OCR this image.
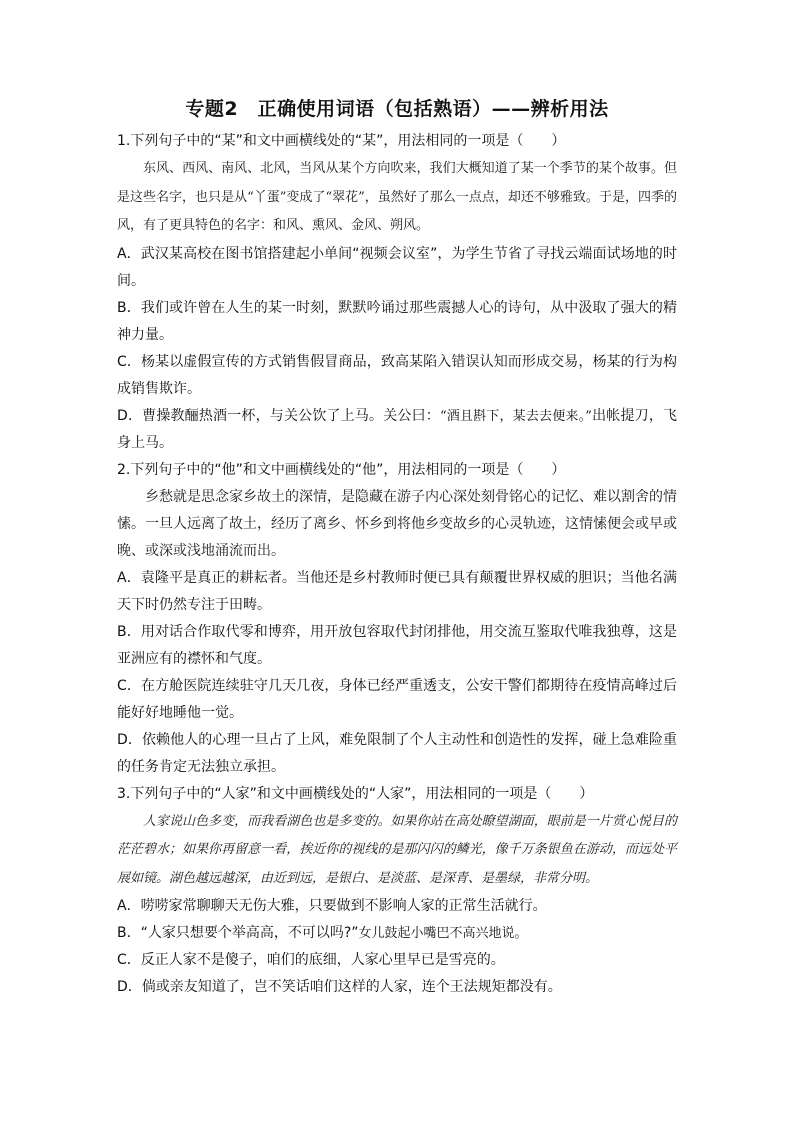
专题2　正确使用词语（包括熟语）——辨析用法

1.下列句子中的“某”和文中画横线处的“某”，用法相同的一项是（　　）

东风、西风、南风、北风，当风从某个方向吹来，我们大概知道了某一个季节的某个故事。但是这些名字，也只是从“丫蛋”变成了“翠花”，虽然好了那么一点点，却还不够雅致。于是，四季的风，有了更具特色的名字：和风、熏风、金风、朔风。

A．武汉某高校在图书馆搭建起小单间“视频会议室”，为学生节省了寻找云端面试场地的时间。

B．我们或许曾在人生的某一时刻，默默吟诵过那些震撼人心的诗句，从中汲取了强大的精神力量。

C．杨某以虚假宣传的方式销售假冒商品，致高某陷入错误认知而形成交易，杨某的行为构成销售欺诈。

D．曹操教酾热酒一杯，与关公饮了上马。关公曰：“酒且斟下，某去去便来。”出帐提刀，飞身上马。

2.下列句子中的“他”和文中画横线处的“他”，用法相同的一项是（　　）

乡愁就是思念家乡故土的深情，是隐藏在游子内心深处刻骨铭心的记忆、难以割舍的情愫。一旦人远离了故土，经历了离乡、怀乡到将他乡变故乡的心灵轨迹，这情愫便会或早或晚、或深或浅地涌流而出。

A．袁隆平是真正的耕耘者。当他还是乡村教师时便已具有颠覆世界权威的胆识；当他名满天下时仍然专注于田畴。

B．用对话合作取代零和博弈，用开放包容取代封闭排他，用交流互鉴取代唯我独尊，这是亚洲应有的襟怀和气度。

C．在方舱医院连续驻守几天几夜，身体已经严重透支，公安干警们都期待在疫情高峰过后能好好地睡他一觉。

D．依赖他人的心理一旦占了上风，难免限制了个人主动性和创造性的发挥，碰上急难险重的任务肯定无法独立承担。

3.下列句子中的“人家”和文中画横线处的“人家”，用法相同的一项是（　　）

人家说山色多变，而我看湖色也是多变的。如果你站在高处瞭望湖面，眼前是一片赏心悦目的茫茫碧水；如果你再留意一看，挨近你的视线的是那闪闪的鳞光，像千万条银鱼在游动，而远处平展如镜。湖色越远越深，由近到远，是银白、是淡蓝、是深青、是墨绿，非常分明。

A．唠唠家常聊聊天无伤大雅，只要做到不影响人家的正常生活就行。

B．“人家只想要个举高高，不可以吗?”女儿鼓起小嘴巴不高兴地说。

C．反正人家不是傻子，咱们的底细，人家心里早已是雪亮的。

D．倘或亲友知道了，岂不笑话咱们这样的人家，连个王法规矩都没有。
